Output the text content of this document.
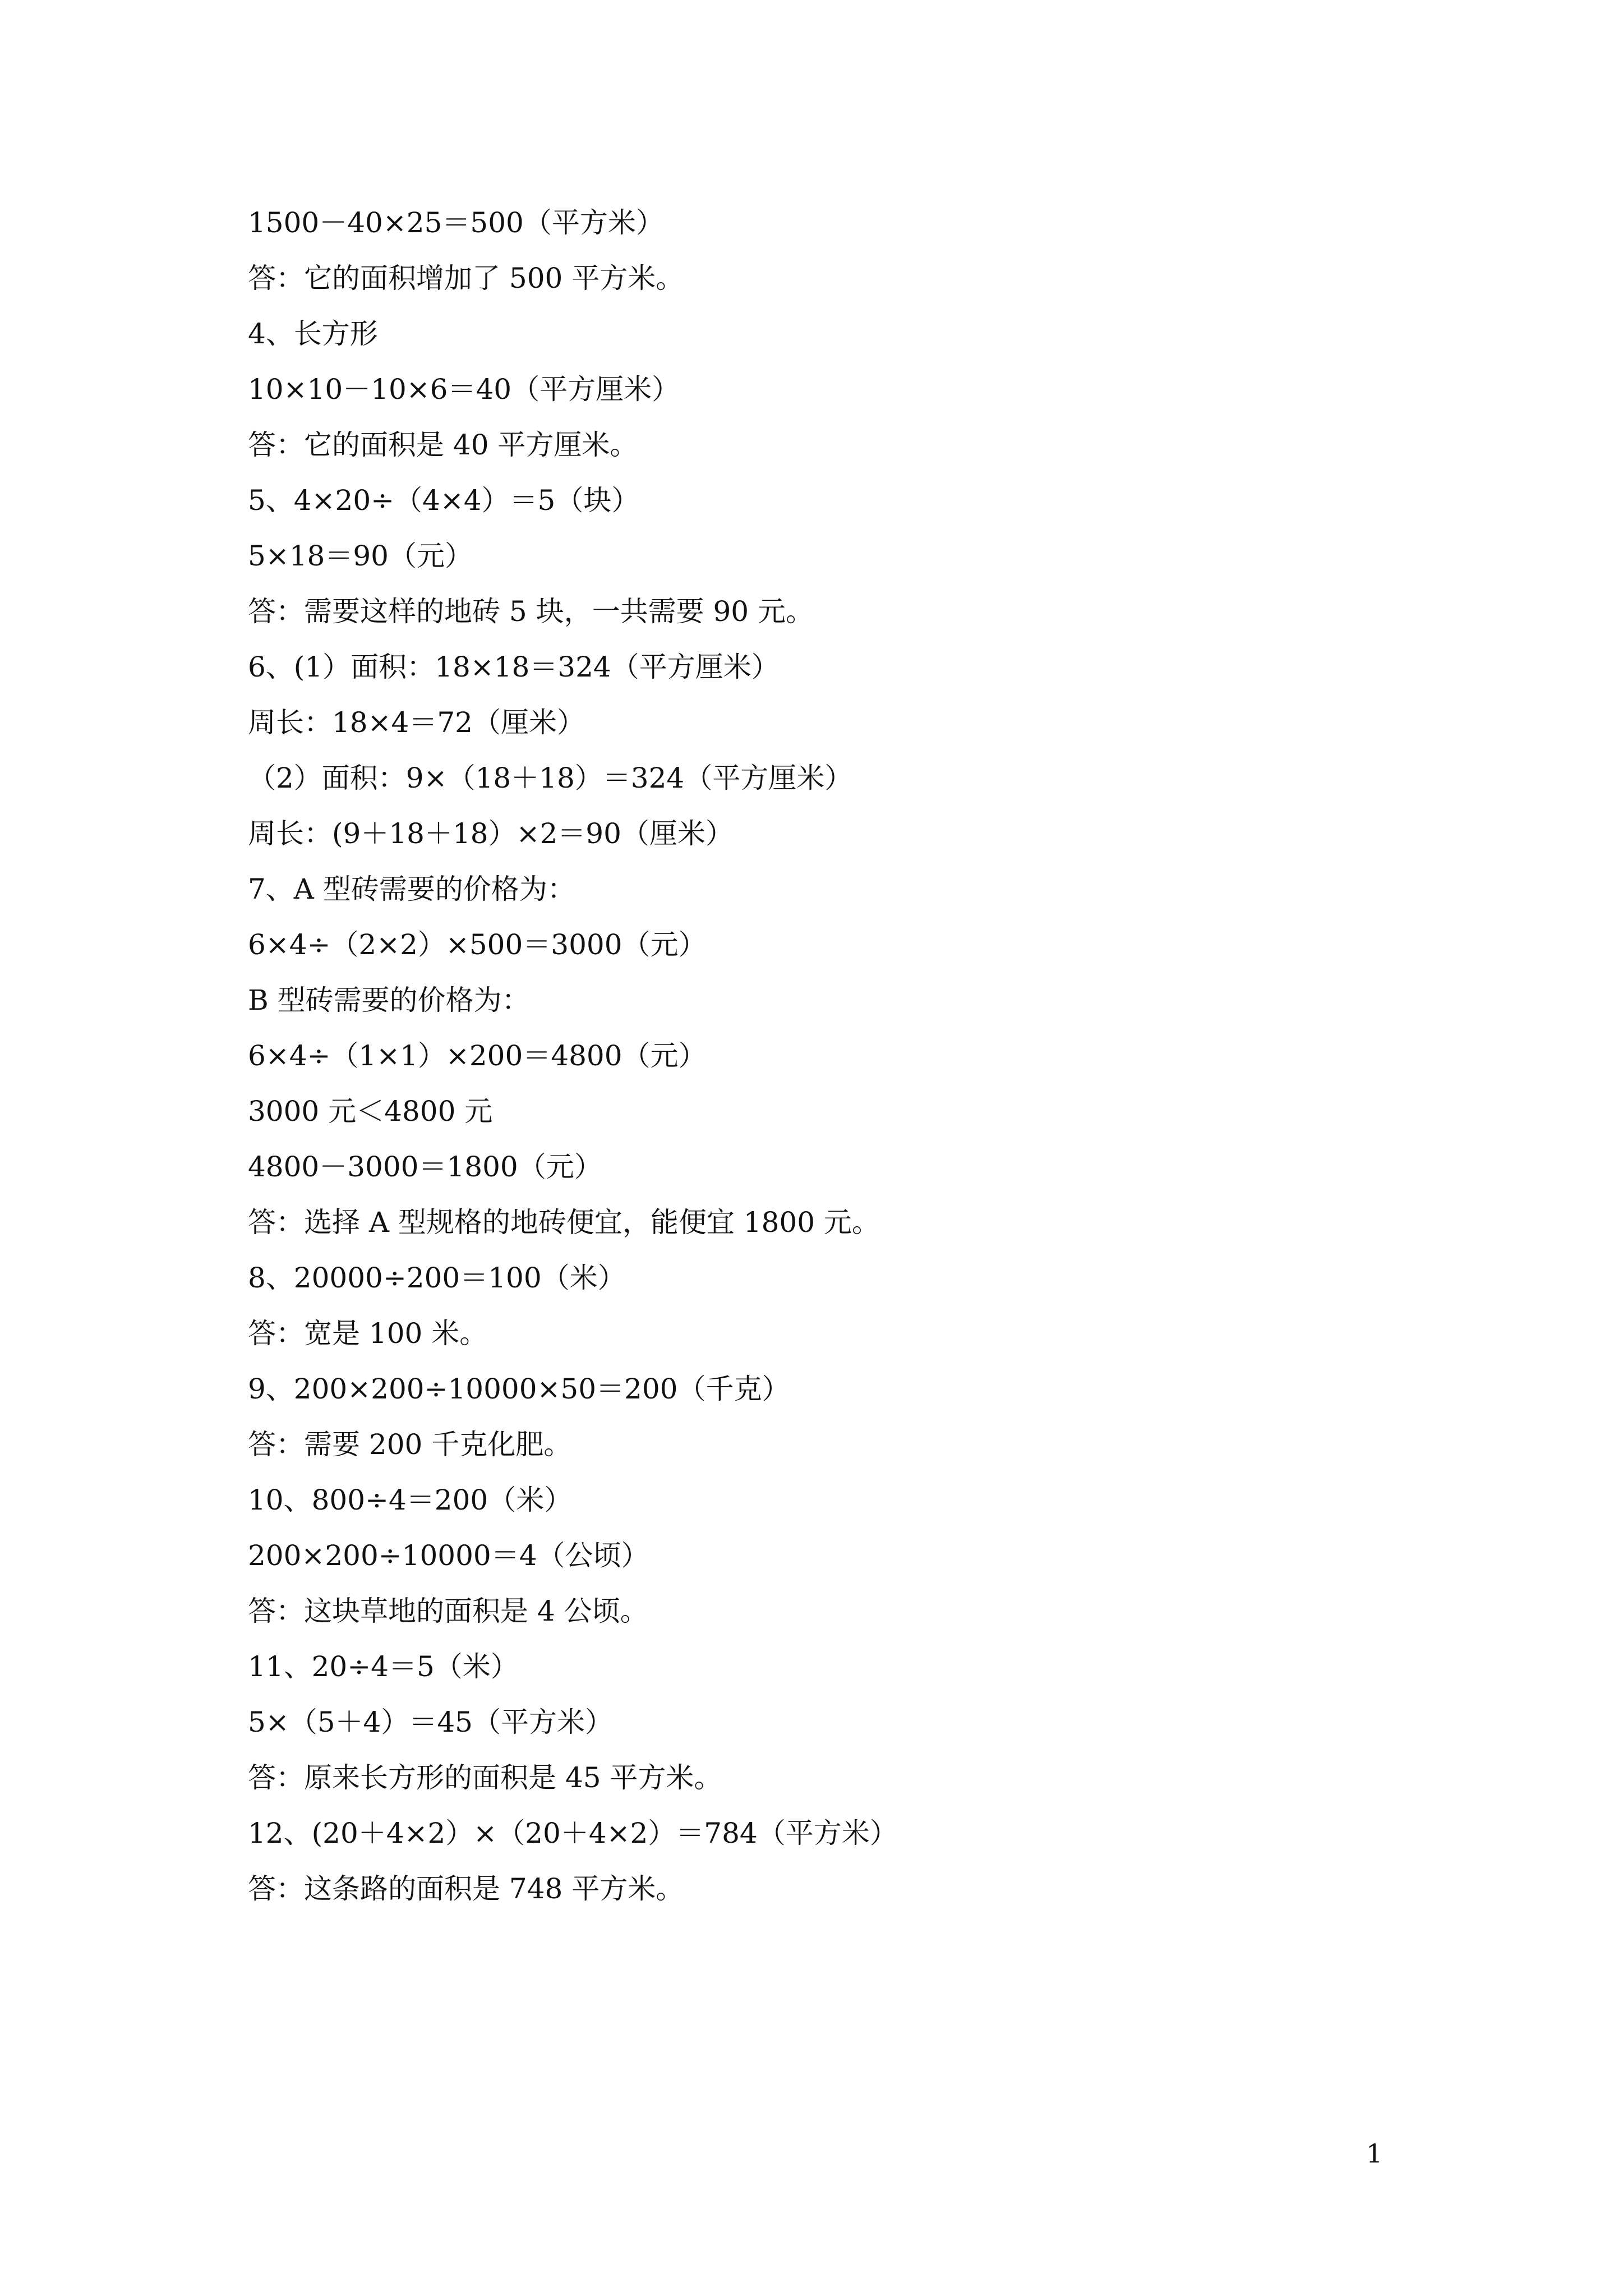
1500－40×25＝500（平方米）
答：它的面积增加了 500 平方米。
4、长方形
10×10－10×6＝40（平方厘米）
答：它的面积是 40 平方厘米。
5、4×20÷（4×4）＝5（块）
5×18＝90（元）
答：需要这样的地砖 5 块，一共需要 90 元。
6、(1）面积：18×18＝324（平方厘米）
周长：18×4＝72（厘米）
（2）面积：9×（18＋18）＝324（平方厘米）
周长：(9＋18＋18）×2＝90（厘米）
7、A 型砖需要的价格为：
6×4÷（2×2）×500＝3000（元）
B 型砖需要的价格为：
6×4÷（1×1）×200＝4800（元）
3000 元＜4800 元
4800－3000＝1800（元）
答：选择 A 型规格的地砖便宜，能便宜 1800 元。
8、20000÷200＝100（米）
答：宽是 100 米。
9、200×200÷10000×50＝200（千克）
答：需要 200 千克化肥。
10、800÷4＝200（米）
200×200÷10000＝4（公顷）
答：这块草地的面积是 4 公顷。
11、20÷4＝5（米）
5×（5＋4）＝45（平方米）
答：原来长方形的面积是 45 平方米。
12、(20＋4×2）×（20＋4×2）＝784（平方米）
答：这条路的面积是 748 平方米。
1
